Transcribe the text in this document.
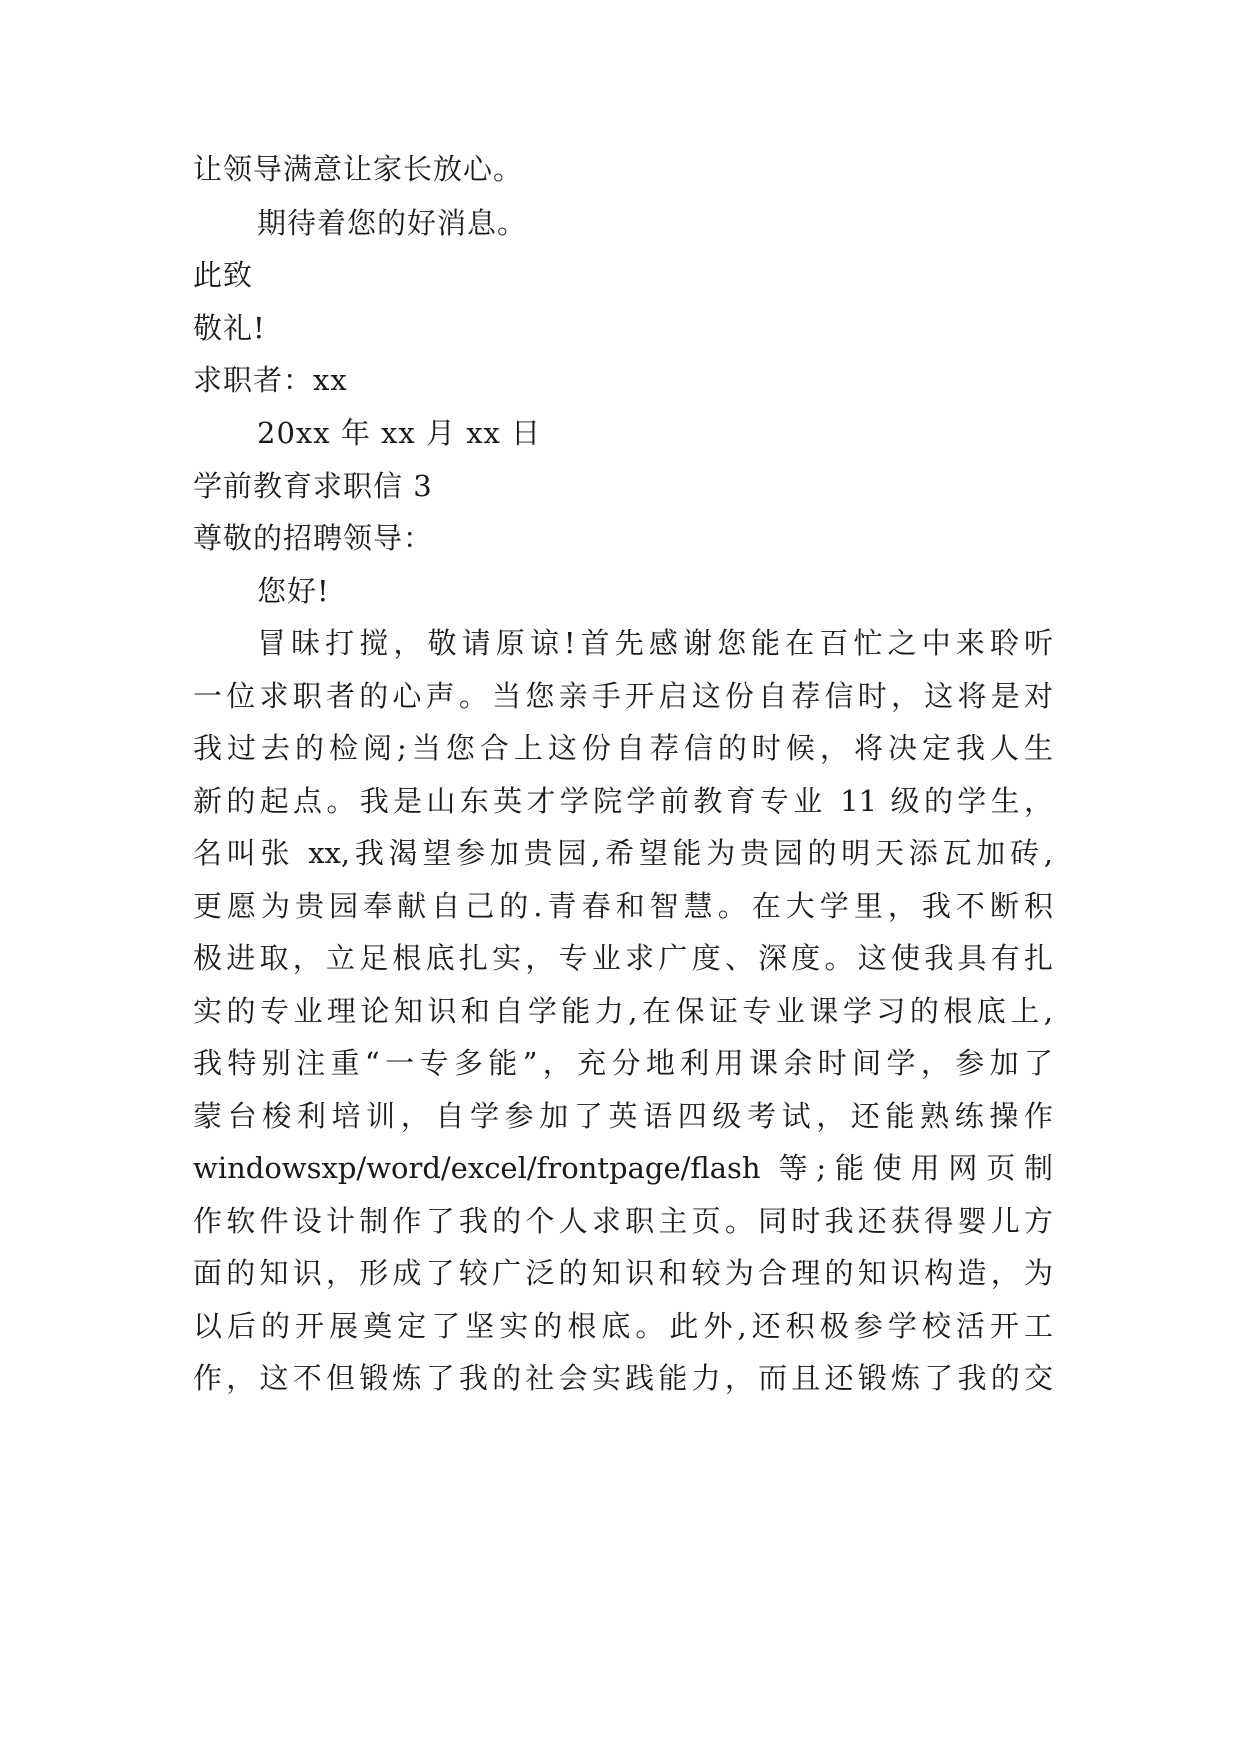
让领导满意让家长放心。
期待着您的好消息。
此致
敬礼!
求职者：xx
20xx 年 xx 月 xx 日
学前教育求职信 3
尊敬的招聘领导：
您好!
冒昧打搅，敬请原谅!首先感谢您能在百忙之中来聆听
一位求职者的心声。当您亲手开启这份自荐信时，这将是对
我过去的检阅;当您合上这份自荐信的时候，将决定我人生
新的起点。我是山东英才学院学前教育专业 11 级的学生，
名叫张 xx,我渴望参加贵园,希望能为贵园的明天添瓦加砖,
更愿为贵园奉献自己的.青春和智慧。在大学里，我不断积
极进取，立足根底扎实，专业求广度、深度。这使我具有扎
实的专业理论知识和自学能力,在保证专业课学习的根底上,
我特别注重“一专多能”，充分地利用课余时间学，参加了
蒙台梭利培训，自学参加了英语四级考试，还能熟练操作
windowsxp/word/excel/frontpage/flash 等;能使用网页制
作软件设计制作了我的个人求职主页。同时我还获得婴儿方
面的知识，形成了较广泛的知识和较为合理的知识构造，为
以后的开展奠定了坚实的根底。此外,还积极参学校活开工
作，这不但锻炼了我的社会实践能力，而且还锻炼了我的交
